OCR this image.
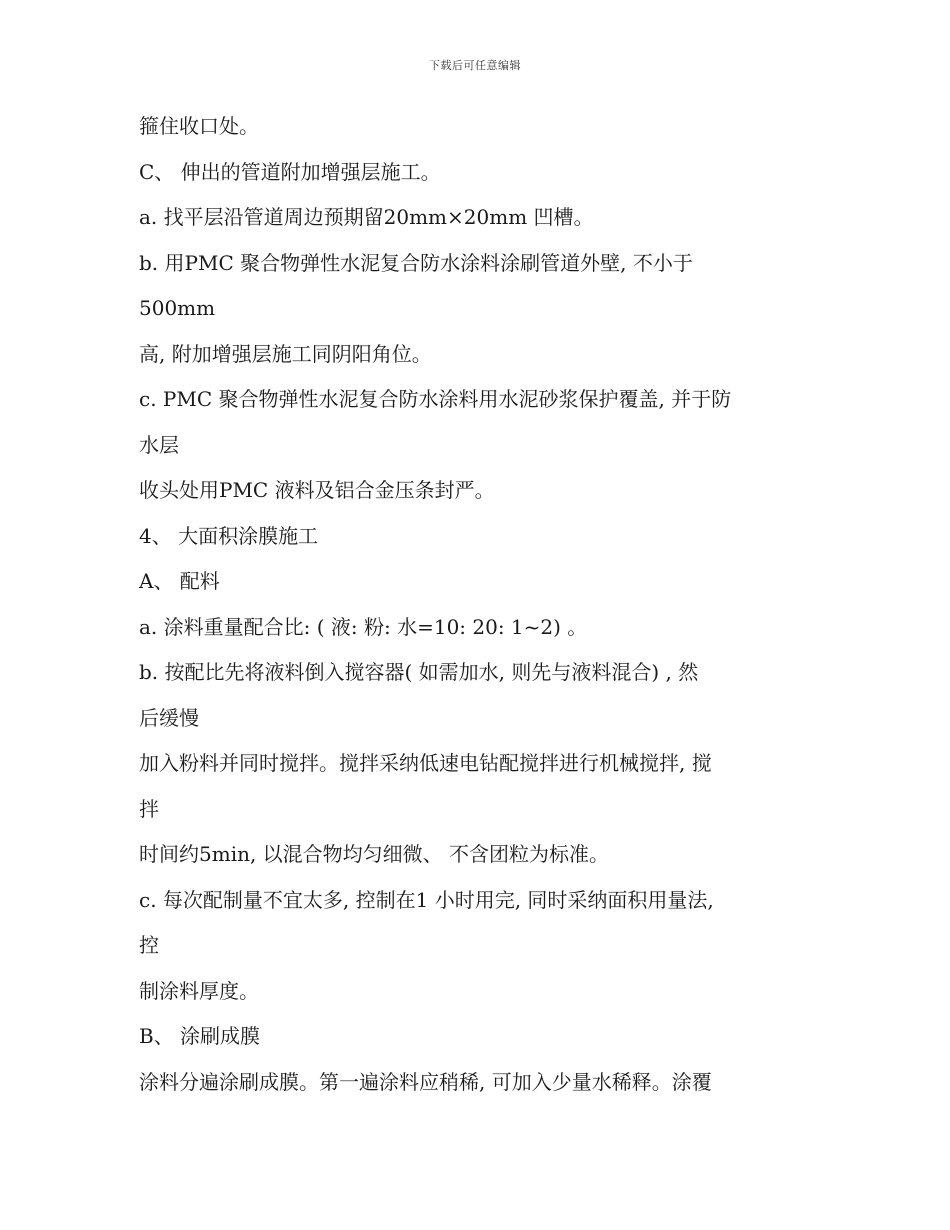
下载后可任意编辑
箍住收口处。
C、 伸出的管道附加增强层施工。
a. 找平层沿管道周边预期留20mm×20mm 凹槽。
b. 用PMC 聚合物弹性水泥复合防水涂料涂刷管道外壁, 不小于
500mm
高, 附加增强层施工同阴阳角位。
c. PMC 聚合物弹性水泥复合防水涂料用水泥砂浆保护覆盖, 并于防
水层
收头处用PMC 液料及铝合金压条封严。
4、 大面积涂膜施工
A、 配料
a. 涂料重量配合比: ( 液: 粉: 水=10: 20: 1~2) 。
b. 按配比先将液料倒入搅容器( 如需加水, 则先与液料混合) , 然
后缓慢
加入粉料并同时搅拌。搅拌采纳低速电钻配搅拌进行机械搅拌, 搅
拌
时间约5min, 以混合物均匀细微、 不含团粒为标准。
c. 每次配制量不宜太多, 控制在1 小时用完, 同时采纳面积用量法,
控
制涂料厚度。
B、 涂刷成膜
涂料分遍涂刷成膜。第一遍涂料应稍稀, 可加入少量水稀释。涂覆
